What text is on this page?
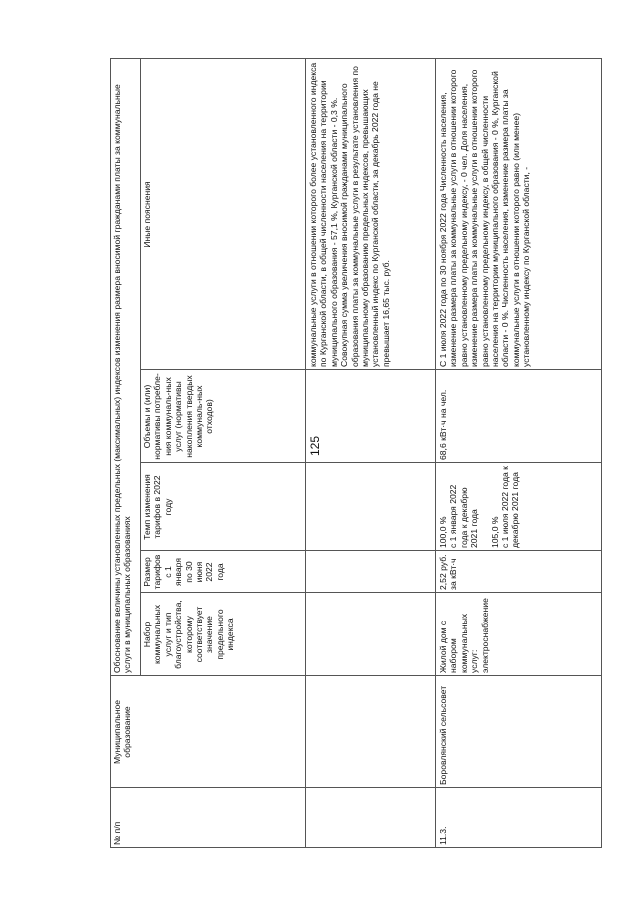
125
№ п/п
Муниципальное образование
Обоснование величины установленных предельных (максимальных) индексов изменения размера вносимой гражданами платы за коммунальные услуги в муниципальных образованиях	Набор коммунальных услуг и тип благоустройства, которому соответствует значение предельного индекса
Размер тарифов с 1 января по 30 июня 2022 года
Темп изменения тарифов в 2022 году
Объемы и (или) нормативы потребле-ния коммуналь-ных услуг (нормативы накопления твердых коммуналь-ных отходов)
Иные пояснения	коммунальные услуги в отношении которого более установленного индекса по Курганской области, в общей численности населения на территории муниципального образования - 57,1 %, Курганской области - 0,3 %. Совокупная сумма увеличения вносимой гражданами муниципального образования платы за коммунальные услуги в результате установления по муниципальному образованию предельных индексов, превышающих установленный индекс по Курганской области, за декабрь 2022 года не превышает 16,65 тыс. руб.
11.3.
Боровлянский сельсовет

Жилой дом с набором коммунальных услуг: электроснабжение

2,52 руб. за кВт·ч

100,0 % с 1 января 2022 года к декабрю 2021 года 105,0 % с 1 июля 2022 года к декабрю 2021 года

68,6 кВт·ч на чел.
С 1 июля 2022 года по 30 ноября 2022 года Численность населения, изменение размера платы за коммунальные услуги в отношении которого равно установленному предельному индексу, - 0 чел. Доля населения, изменение размера платы за коммунальные услуги в отношении которого равно установленному предельному индексу, в общей численности населения на территории муниципального образования - 0 %, Курганской области - 0 %. Численность населения, изменение размера платы за коммунальные услуги в отношении которого равно (или менее) установленному индексу по Курганской области, -
